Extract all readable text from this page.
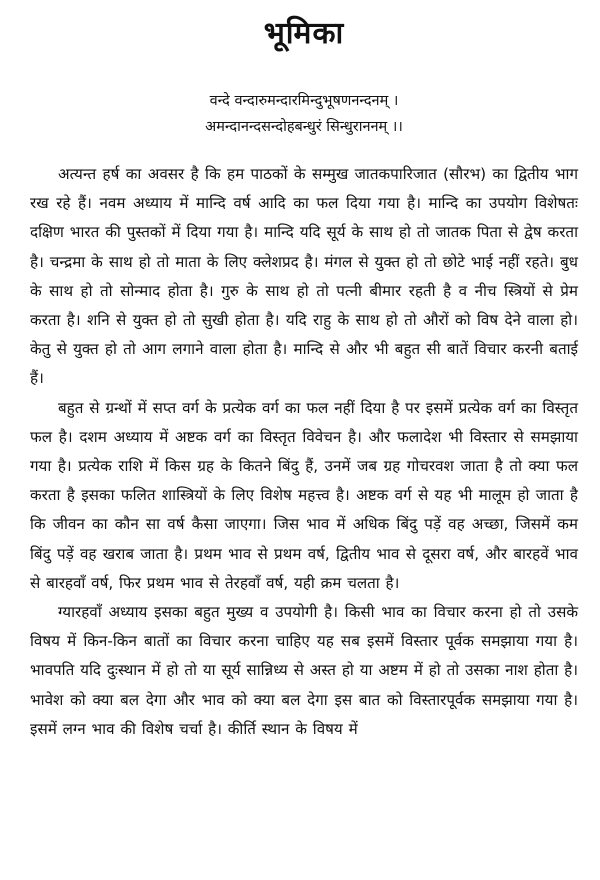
भूमिका
वन्दे वन्दारुमन्दारमिन्दुभूषणनन्दनम् ।
अमन्दानन्दसन्दोहबन्धुरं सिन्धुराननम् ।।

अत्यन्त हर्ष का अवसर है कि हम पाठकों के सम्मुख जातकपारिजात (सौरभ) का द्वितीय भाग रख रहे हैं। नवम अध्याय में मान्दि वर्ष आदि का फल दिया गया है। मान्दि का उपयोग विशेषतः दक्षिण भारत की पुस्तकों में दिया गया है। मान्दि यदि सूर्य के साथ हो तो जातक पिता से द्वेष करता है। चन्द्रमा के साथ हो तो माता के लिए क्लेशप्रद है। मंगल से युक्त हो तो छोटे भाई नहीं रहते। बुध के साथ हो तो सोन्माद होता है। गुरु के साथ हो तो पत्नी बीमार रहती है व नीच स्त्रियों से प्रेम करता है। शनि से युक्त हो तो सुखी होता है। यदि राहु के साथ हो तो औरों को विष देने वाला हो। केतु से युक्त हो तो आग लगाने वाला होता है। मान्दि से और भी बहुत सी बातें विचार करनी बताई हैं।

बहुत से ग्रन्थों में सप्त वर्ग के प्रत्येक वर्ग का फल नहीं दिया है पर इसमें प्रत्येक वर्ग का विस्तृत फल है। दशम अध्याय में अष्टक वर्ग का विस्तृत विवेचन है। और फलादेश भी विस्तार से समझाया गया है। प्रत्येक राशि में किस ग्रह के कितने बिंदु हैं, उनमें जब ग्रह गोचरवश जाता है तो क्या फल करता है इसका फलित शास्त्रियों के लिए विशेष महत्त्व है। अष्टक वर्ग से यह भी मालूम हो जाता है कि जीवन का कौन सा वर्ष कैसा जाएगा। जिस भाव में अधिक बिंदु पड़ें वह अच्छा, जिसमें कम बिंदु पड़ें वह खराब जाता है। प्रथम भाव से प्रथम वर्ष, द्वितीय भाव से दूसरा वर्ष, और बारहवें भाव से बारहवाँ वर्ष, फिर प्रथम भाव से तेरहवाँ वर्ष, यही क्रम चलता है।

ग्यारहवाँ अध्याय इसका बहुत मुख्य व उपयोगी है। किसी भाव का विचार करना हो तो उसके विषय में किन-किन बातों का विचार करना चाहिए यह सब इसमें विस्तार पूर्वक समझाया गया है। भावपति यदि दुःस्थान में हो तो या सूर्य सान्निध्य से अस्त हो या अष्टम में हो तो उसका नाश होता है। भावेश को क्या बल देगा और भाव को क्या बल देगा इस बात को विस्तारपूर्वक समझाया गया है। इसमें लग्न भाव की विशेष चर्चा है। कीर्ति स्थान के विषय में
